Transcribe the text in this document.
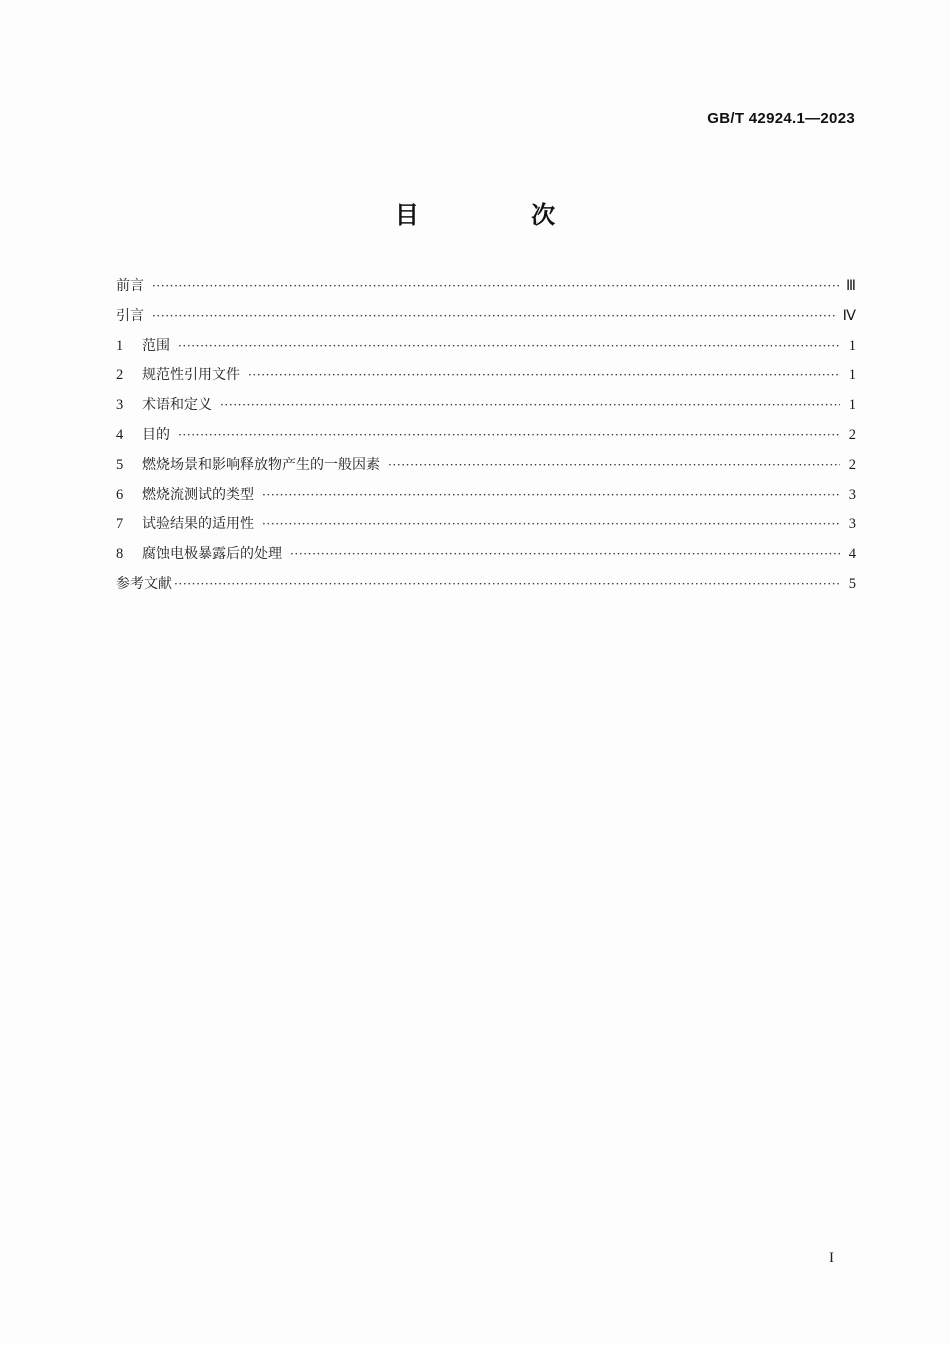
GB/T 42924.1—2023
目 次
前言 ·····	Ⅲ
引言 ·····	Ⅳ
1	范围 ·····	1
2	规范性引用文件 ·····	1
3	术语和定义 ·····	1
4	目的 ·····	2
5	燃烧场景和影响释放物产生的一般因素 ·····	2
6	燃烧流测试的类型 ·····	3
7	试验结果的适用性 ·····	3
8	腐蚀电极暴露后的处理 ·····	4
参考文献 ·····	5
I
